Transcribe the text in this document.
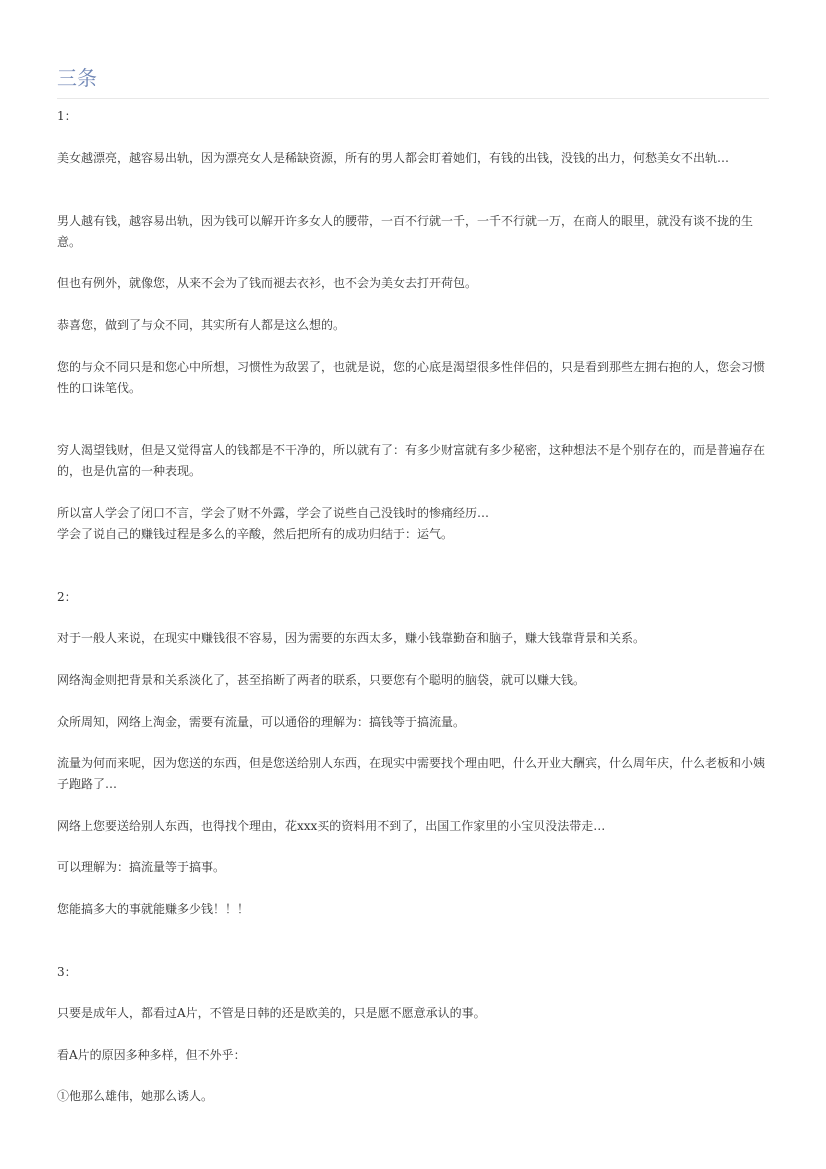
三条

1：

美女越漂亮，越容易出轨，因为漂亮女人是稀缺资源，所有的男人都会盯着她们，有钱的出钱，没钱的出力，何愁美女不出轨…

男人越有钱，越容易出轨，因为钱可以解开许多女人的腰带，一百不行就一千，一千不行就一万，在商人的眼里，就没有谈不拢的生意。

但也有例外，就像您，从来不会为了钱而褪去衣衫，也不会为美女去打开荷包。

恭喜您，做到了与众不同，其实所有人都是这么想的。

您的与众不同只是和您心中所想，习惯性为敌罢了，也就是说，您的心底是渴望很多性伴侣的，只是看到那些左拥右抱的人，您会习惯性的口诛笔伐。

穷人渴望钱财，但是又觉得富人的钱都是不干净的，所以就有了：有多少财富就有多少秘密，这种想法不是个别存在的，而是普遍存在的，也是仇富的一种表现。

所以富人学会了闭口不言，学会了财不外露，学会了说些自己没钱时的惨痛经历…

学会了说自己的赚钱过程是多么的辛酸，然后把所有的成功归结于：运气。

2：

对于一般人来说，在现实中赚钱很不容易，因为需要的东西太多，赚小钱靠勤奋和脑子，赚大钱靠背景和关系。

网络淘金则把背景和关系淡化了，甚至掐断了两者的联系，只要您有个聪明的脑袋，就可以赚大钱。

众所周知，网络上淘金，需要有流量，可以通俗的理解为：搞钱等于搞流量。

流量为何而来呢，因为您送的东西，但是您送给别人东西，在现实中需要找个理由吧，什么开业大酬宾，什么周年庆，什么老板和小姨子跑路了…

网络上您要送给别人东西，也得找个理由，花xxx买的资料用不到了，出国工作家里的小宝贝没法带走…

可以理解为：搞流量等于搞事。

您能搞多大的事就能赚多少钱！！！

3：

只要是成年人，都看过A片，不管是日韩的还是欧美的，只是愿不愿意承认的事。

看A片的原因多种多样，但不外乎：

①他那么雄伟，她那么诱人。
